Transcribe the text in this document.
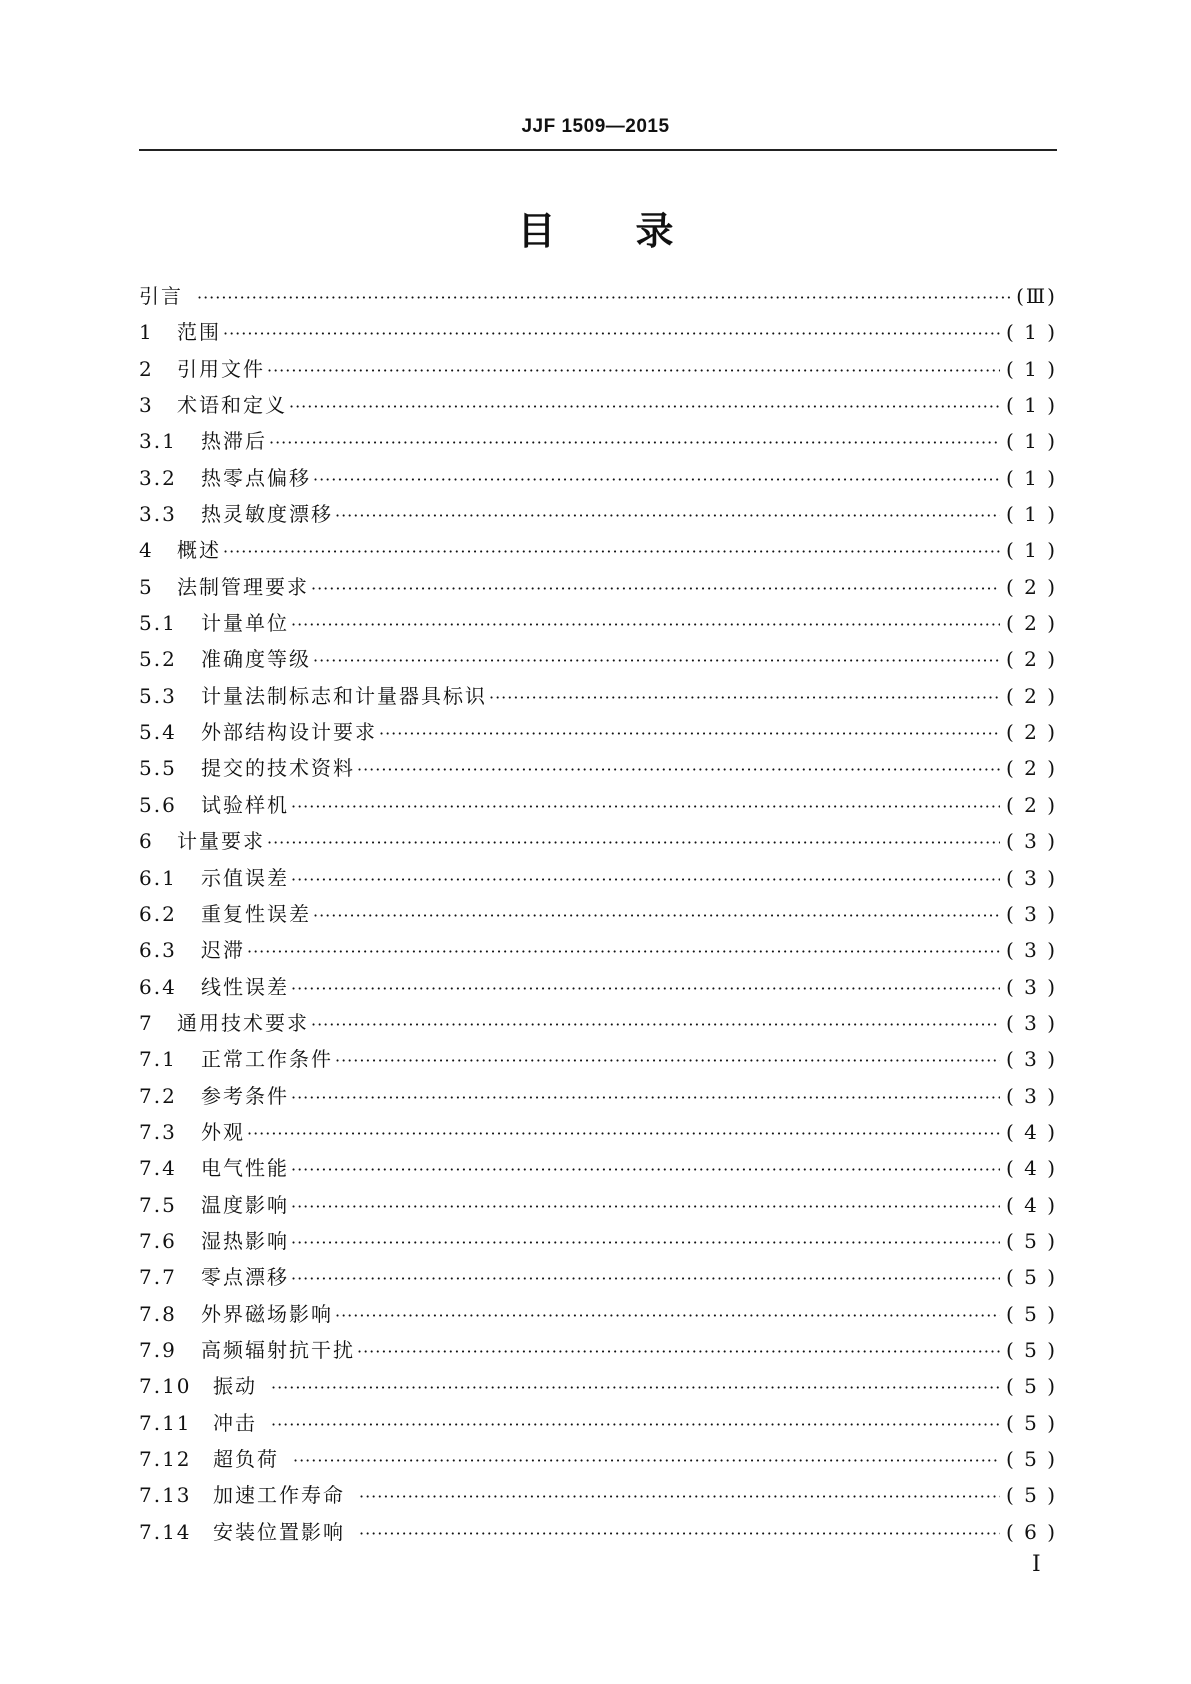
JJF 1509—2015
目 录
引言 ·····	(Ⅲ)
1	范围 ·····	( 1 )
2	引用文件 ·····	( 1 )
3	术语和定义 ·····	( 1 )
3.1	热滞后 ·····	( 1 )
3.2	热零点偏移 ·····	( 1 )
3.3	热灵敏度漂移 ·····	( 1 )
4	概述 ·····	( 1 )
5	法制管理要求 ·····	( 2 )
5.1	计量单位 ·····	( 2 )
5.2	准确度等级 ·····	( 2 )
5.3	计量法制标志和计量器具标识 ·····	( 2 )
5.4	外部结构设计要求 ·····	( 2 )
5.5	提交的技术资料 ·····	( 2 )
5.6	试验样机 ·····	( 2 )
6	计量要求 ·····	( 3 )
6.1	示值误差 ·····	( 3 )
6.2	重复性误差 ·····	( 3 )
6.3	迟滞 ·····	( 3 )
6.4	线性误差 ·····	( 3 )
7	通用技术要求 ·····	( 3 )
7.1	正常工作条件 ·····	( 3 )
7.2	参考条件 ·····	( 3 )
7.3	外观 ·····	( 4 )
7.4	电气性能 ·····	( 4 )
7.5	温度影响 ·····	( 4 )
7.6	湿热影响 ·····	( 5 )
7.7	零点漂移 ·····	( 5 )
7.8	外界磁场影响 ·····	( 5 )
7.9	高频辐射抗干扰 ·····	( 5 )
7.10	振动 ·····	( 5 )
7.11	冲击 ·····	( 5 )
7.12	超负荷 ·····	( 5 )
7.13	加速工作寿命 ·····	( 5 )
7.14	安装位置影响 ·····	( 6 )
I
